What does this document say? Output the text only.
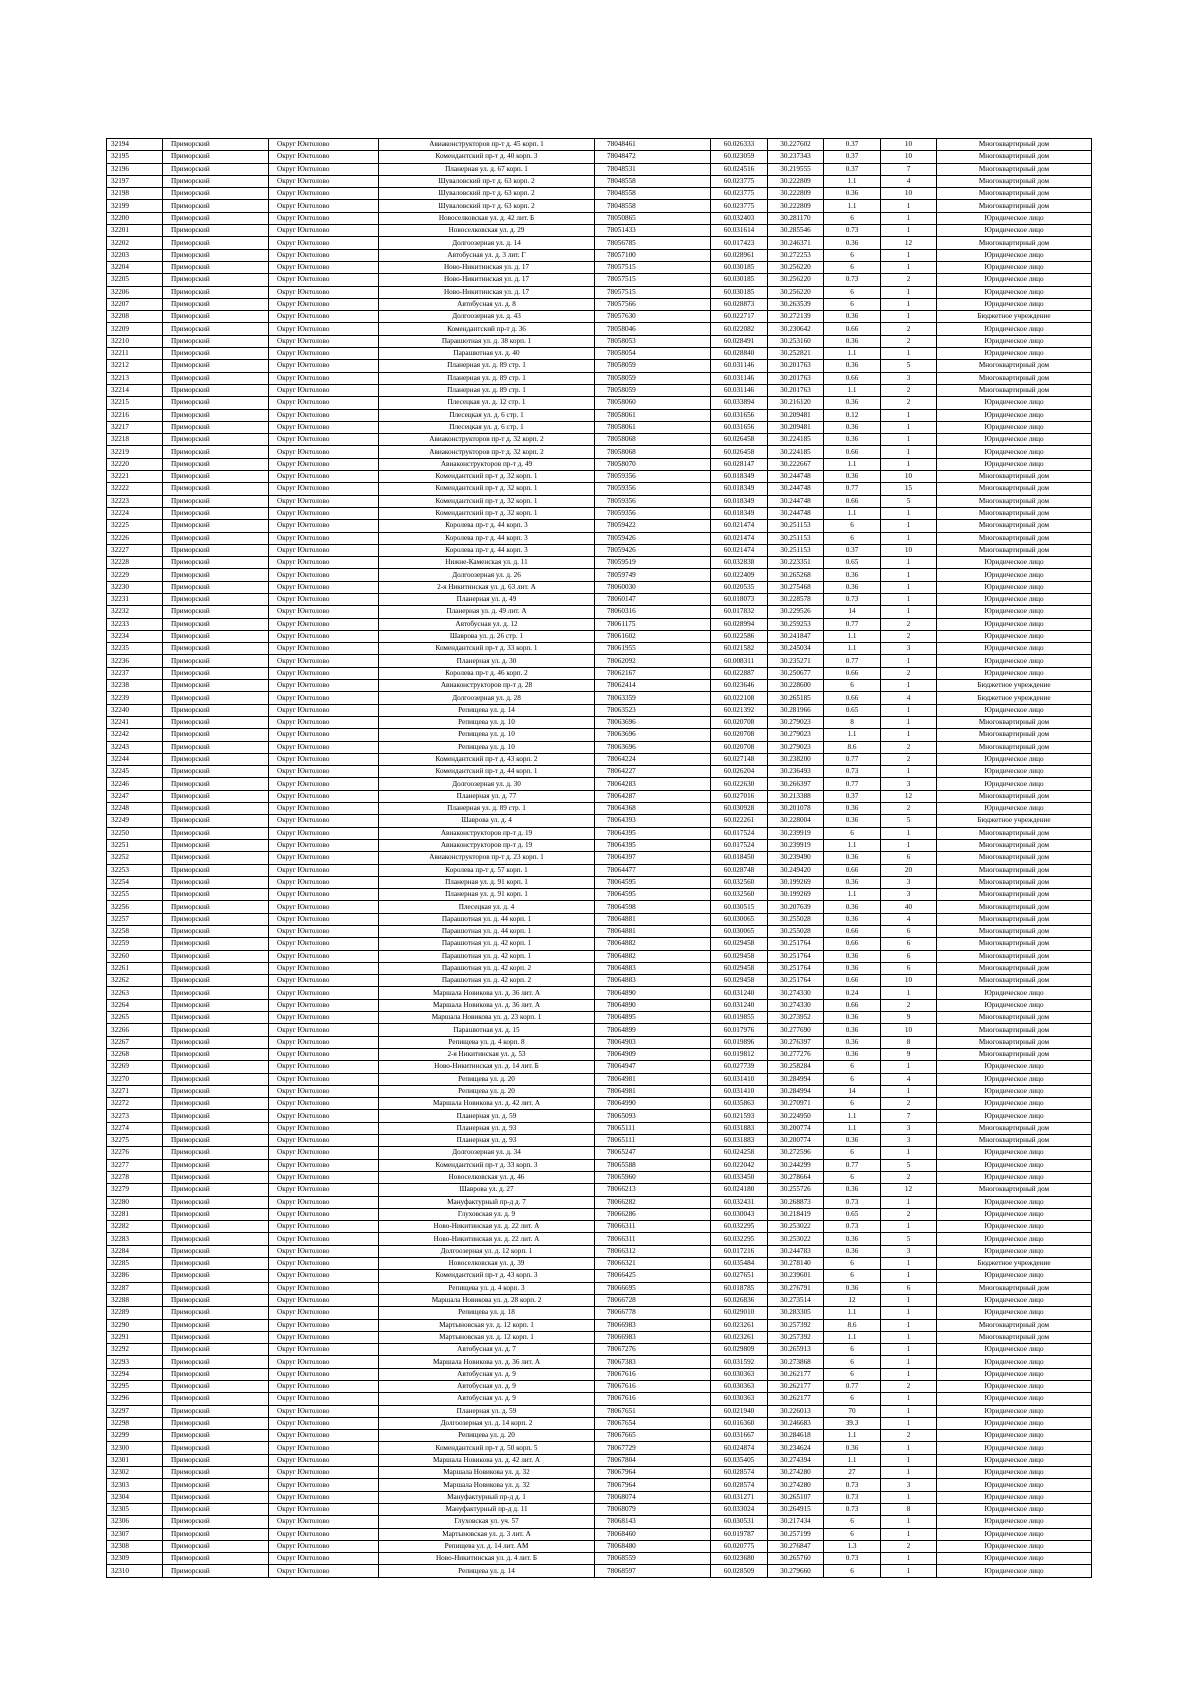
32194	Приморский	Округ Юнтолово	Авиаконструкторов пр-т д. 45 корп. 1	78048461	60.026333	30.227602	0.37	10	Многоквартирный дом
32195	Приморский	Округ Юнтолово	Комендантский пр-т д. 40 корп. 3	78048472	60.023059	30.237343	0.37	10	Многоквартирный дом
32196	Приморский	Округ Юнтолово	Планерная ул. д. 67 корп. 1	78048531	60.024516	30.219555	0.37	7	Многоквартирный дом
32197	Приморский	Округ Юнтолово	Шуваловский пр-т д. 63 корп. 2	78048558	60.023775	30.222809	1.1	4	Многоквартирный дом
32198	Приморский	Округ Юнтолово	Шуваловский пр-т д. 63 корп. 2	78048558	60.023775	30.222809	0.36	10	Многоквартирный дом
32199	Приморский	Округ Юнтолово	Шуваловский пр-т д. 63 корп. 2	78048558	60.023775	30.222809	1.1	1	Многоквартирный дом
32200	Приморский	Округ Юнтолово	Новоселковская ул. д. 42 лит. Б	78050865	60.032403	30.281170	6	1	Юридическое лицо
32201	Приморский	Округ Юнтолово	Новоселковская ул. д. 29	78051433	60.031614	30.285546	0.73	1	Юридическое лицо
32202	Приморский	Округ Юнтолово	Долгоозерная ул. д. 14	78056785	60.017423	30.246371	0.36	12	Многоквартирный дом
32203	Приморский	Округ Юнтолово	Автобусная ул. д. 3 лит. Г	78057100	60.028961	30.272253	6	1	Юридическое лицо
32204	Приморский	Округ Юнтолово	Ново-Никитинская ул. д. 17	78057515	60.030185	30.256220	6	1	Юридическое лицо
32205	Приморский	Округ Юнтолово	Ново-Никитинская ул. д. 17	78057515	60.030185	30.256220	0.73	2	Юридическое лицо
32206	Приморский	Округ Юнтолово	Ново-Никитинская ул. д. 17	78057515	60.030185	30.256220	6	1	Юридическое лицо
32207	Приморский	Округ Юнтолово	Автобусная ул. д. 8	78057566	60.028873	30.263539	6	1	Юридическое лицо
32208	Приморский	Округ Юнтолово	Долгоозерная ул. д. 43	78057630	60.022717	30.272139	0.36	1	Бюджетное учреждение
32209	Приморский	Округ Юнтолово	Комендантский пр-т д. 36	78058046	60.022082	30.230642	0.66	2	Юридическое лицо
32210	Приморский	Округ Юнтолово	Парашютная ул. д. 38 корп. 1	78058053	60.028491	30.253160	0.36	2	Юридическое лицо
32211	Приморский	Округ Юнтолово	Парашютная ул. д. 40	78058054	60.028840	30.252821	1.1	1	Юридическое лицо
32212	Приморский	Округ Юнтолово	Планерная ул. д. 89 стр. 1	78058059	60.031146	30.201763	0.36	5	Многоквартирный дом
32213	Приморский	Округ Юнтолово	Планерная ул. д. 89 стр. 1	78058059	60.031146	30.201763	0.66	3	Многоквартирный дом
32214	Приморский	Округ Юнтолово	Планерная ул. д. 89 стр. 1	78058059	60.031146	30.201763	1.1	2	Многоквартирный дом
32215	Приморский	Округ Юнтолово	Плесецкая ул. д. 12 стр. 1	78058060	60.033894	30.216120	0.36	2	Юридическое лицо
32216	Приморский	Округ Юнтолово	Плесецкая ул. д. 6 стр. 1	78058061	60.031656	30.209481	0.12	1	Юридическое лицо
32217	Приморский	Округ Юнтолово	Плесецкая ул. д. 6 стр. 1	78058061	60.031656	30.209481	0.36	1	Юридическое лицо
32218	Приморский	Округ Юнтолово	Авиаконструкторов пр-т д. 32 корп. 2	78058068	60.026458	30.224185	0.36	1	Юридическое лицо
32219	Приморский	Округ Юнтолово	Авиаконструкторов пр-т д. 32 корп. 2	78058068	60.026458	30.224185	0.66	1	Юридическое лицо
32220	Приморский	Округ Юнтолово	Авиаконструкторов пр-т д. 49	78058070	60.028147	30.222667	1.1	1	Юридическое лицо
32221	Приморский	Округ Юнтолово	Комендантский пр-т д. 32 корп. 1	78059356	60.018349	30.244748	0.36	10	Многоквартирный дом
32222	Приморский	Округ Юнтолово	Комендантский пр-т д. 32 корп. 1	78059356	60.018349	30.244748	0.77	15	Многоквартирный дом
32223	Приморский	Округ Юнтолово	Комендантский пр-т д. 32 корп. 1	78059356	60.018349	30.244748	0.66	5	Многоквартирный дом
32224	Приморский	Округ Юнтолово	Комендантский пр-т д. 32 корп. 1	78059356	60.018349	30.244748	1.1	1	Многоквартирный дом
32225	Приморский	Округ Юнтолово	Королева пр-т д. 44 корп. 3	78059422	60.021474	30.251153	6	1	Многоквартирный дом
32226	Приморский	Округ Юнтолово	Королева пр-т д. 44 корп. 3	78059426	60.021474	30.251153	6	1	Многоквартирный дом
32227	Приморский	Округ Юнтолово	Королева пр-т д. 44 корп. 3	78059426	60.021474	30.251153	0.37	10	Многоквартирный дом
32228	Приморский	Округ Юнтолово	Нижне-Каменская ул. д. 11	78059519	60.032838	30.223351	0.65	1	Юридическое лицо
32229	Приморский	Округ Юнтолово	Долгоозерная ул. д. 26	78059749	60.022409	30.265268	0.36	1	Юридическое лицо
32230	Приморский	Округ Юнтолово	2-я Никитинская ул. д. 63 лит. А	78060030	60.020535	30.275468	0.36	1	Юридическое лицо
32231	Приморский	Округ Юнтолово	Планерная ул. д. 49	78060147	60.018073	30.228578	0.73	1	Юридическое лицо
32232	Приморский	Округ Юнтолово	Планерная ул. д. 49 лит. А	78060316	60.017832	30.229526	14	1	Юридическое лицо
32233	Приморский	Округ Юнтолово	Автобусная ул. д. 12	78061175	60.028994	30.259253	0.77	2	Юридическое лицо
32234	Приморский	Округ Юнтолово	Шаврова ул. д. 26 стр. 1	78061602	60.022586	30.241847	1.1	2	Юридическое лицо
32235	Приморский	Округ Юнтолово	Комендантский пр-т д. 33 корп. 1	78061955	60.021582	30.245034	1.1	3	Юридическое лицо
32236	Приморский	Округ Юнтолово	Планерная ул. д. 30	78062092	60.008311	30.235271	0.77	1	Юридическое лицо
32237	Приморский	Округ Юнтолово	Королева пр-т д. 46 корп. 2	78062167	60.022887	30.250677	0.66	2	Юридическое лицо
32238	Приморский	Округ Юнтолово	Авиаконструкторов пр-т д. 28	78062414	60.023646	30.228600	6	1	Бюджетное учреждение
32239	Приморский	Округ Юнтолово	Долгоозерная ул. д. 28	78063359	60.022108	30.265185	0.66	4	Бюджетное учреждение
32240	Приморский	Округ Юнтолово	Репищева ул. д. 14	78063523	60.021392	30.281966	0.65	1	Юридическое лицо
32241	Приморский	Округ Юнтолово	Репищева ул. д. 10	78063696	60.020708	30.279023	8	1	Многоквартирный дом
32242	Приморский	Округ Юнтолово	Репищева ул. д. 10	78063696	60.020708	30.279023	1.1	1	Многоквартирный дом
32243	Приморский	Округ Юнтолово	Репищева ул. д. 10	78063696	60.020708	30.279023	8.6	2	Многоквартирный дом
32244	Приморский	Округ Юнтолово	Комендантский пр-т д. 43 корп. 2	78064224	60.027148	30.238200	0.77	2	Юридическое лицо
32245	Приморский	Округ Юнтолово	Комендантский пр-т д. 44 корп. 1	78064227	60.026204	30.236493	0.73	1	Юридическое лицо
32246	Приморский	Округ Юнтолово	Долгоозерная ул. д. 30	78064283	60.022630	30.266397	0.77	3	Юридическое лицо
32247	Приморский	Округ Юнтолово	Планерная ул. д. 77	78064287	60.027016	30.213388	0.37	12	Многоквартирный дом
32248	Приморский	Округ Юнтолово	Планерная ул. д. 89 стр. 1	78064368	60.030928	30.201078	0.36	2	Юридическое лицо
32249	Приморский	Округ Юнтолово	Шаврова ул. д. 4	78064393	60.022261	30.228004	0.36	5	Бюджетное учреждение
32250	Приморский	Округ Юнтолово	Авиаконструкторов пр-т д. 19	78064395	60.017524	30.239919	6	1	Многоквартирный дом
32251	Приморский	Округ Юнтолово	Авиаконструкторов пр-т д. 19	78064395	60.017524	30.239919	1.1	1	Многоквартирный дом
32252	Приморский	Округ Юнтолово	Авиаконструкторов пр-т д. 23 корп. 1	78064397	60.018450	30.239490	0.36	6	Многоквартирный дом
32253	Приморский	Округ Юнтолово	Королева пр-т д. 57 корп. 1	78064477	60.028748	30.249420	0.66	20	Многоквартирный дом
32254	Приморский	Округ Юнтолово	Планерная ул. д. 91 корп. 1	78064595	60.032560	30.199269	0.36	3	Многоквартирный дом
32255	Приморский	Округ Юнтолово	Планерная ул. д. 91 корп. 1	78064595	60.032560	30.199269	1.1	3	Многоквартирный дом
32256	Приморский	Округ Юнтолово	Плесецкая ул. д. 4	78064598	60.030515	30.207639	0.36	40	Многоквартирный дом
32257	Приморский	Округ Юнтолово	Парашютная ул. д. 44 корп. 1	78064881	60.030065	30.255028	0.36	4	Многоквартирный дом
32258	Приморский	Округ Юнтолово	Парашютная ул. д. 44 корп. 1	78064881	60.030065	30.255028	0.66	6	Многоквартирный дом
32259	Приморский	Округ Юнтолово	Парашютная ул. д. 42 корп. 1	78064882	60.029458	30.251764	0.66	6	Многоквартирный дом
32260	Приморский	Округ Юнтолово	Парашютная ул. д. 42 корп. 1	78064882	60.029458	30.251764	0.36	6	Многоквартирный дом
32261	Приморский	Округ Юнтолово	Парашютная ул. д. 42 корп. 2	78064883	60.029458	30.251764	0.36	6	Многоквартирный дом
32262	Приморский	Округ Юнтолово	Парашютная ул. д. 42 корп. 2	78064883	60.029458	30.251764	0.66	10	Многоквартирный дом
32263	Приморский	Округ Юнтолово	Маршала Новикова ул. д. 36 лит. А	78064890	60.031240	30.274330	0.24	1	Юридическое лицо
32264	Приморский	Округ Юнтолово	Маршала Новикова ул. д. 36 лит. А	78064890	60.031240	30.274330	0.66	2	Юридическое лицо
32265	Приморский	Округ Юнтолово	Маршала Новикова ул. д. 23 корп. 1	78064895	60.019855	30.273952	0.36	9	Многоквартирный дом
32266	Приморский	Округ Юнтолово	Парашютная ул. д. 15	78064899	60.017976	30.277690	0.36	10	Многоквартирный дом
32267	Приморский	Округ Юнтолово	Репищева ул. д. 4 корп. 8	78064903	60.019896	30.276397	0.36	8	Многоквартирный дом
32268	Приморский	Округ Юнтолово	2-я Никитинская ул. д. 53	78064909	60.019812	30.277276	0.36	9	Многоквартирный дом
32269	Приморский	Округ Юнтолово	Ново-Никитинская ул. д. 14 лит. Б	78064947	60.027739	30.258284	6	1	Юридическое лицо
32270	Приморский	Округ Юнтолово	Репищева ул. д. 20	78064981	60.031410	30.284994	6	4	Юридическое лицо
32271	Приморский	Округ Юнтолово	Репищева ул. д. 20	78064981	60.031410	30.284994	14	1	Юридическое лицо
32272	Приморский	Округ Юнтолово	Маршала Новикова ул. д. 42 лит. А	78064990	60.035863	30.270971	6	2	Юридическое лицо
32273	Приморский	Округ Юнтолово	Планерная ул. д. 59	78065093	60.021593	30.224950	1.1	7	Юридическое лицо
32274	Приморский	Округ Юнтолово	Планерная ул. д. 93	78065111	60.031883	30.200774	1.1	3	Многоквартирный дом
32275	Приморский	Округ Юнтолово	Планерная ул. д. 93	78065111	60.031883	30.200774	0.36	3	Многоквартирный дом
32276	Приморский	Округ Юнтолово	Долгоозерная ул. д. 34	78065247	60.024258	30.272596	6	1	Юридическое лицо
32277	Приморский	Округ Юнтолово	Комендантский пр-т д. 33 корп. 3	78065588	60.022042	30.244299	0.77	5	Юридическое лицо
32278	Приморский	Округ Юнтолово	Новоселковская ул. д. 46	78065960	60.033450	30.278664	6	2	Юридическое лицо
32279	Приморский	Округ Юнтолово	Шаврова ул. д. 27	78066213	60.024180	30.255726	0.36	12	Многоквартирный дом
32280	Приморский	Округ Юнтолово	Мануфактурный пр-д д. 7	78066282	60.032431	30.268873	0.73	1	Юридическое лицо
32281	Приморский	Округ Юнтолово	Глуховская ул. д. 9	78066286	60.030043	30.218419	0.65	2	Юридическое лицо
32282	Приморский	Округ Юнтолово	Ново-Никитинская ул. д. 22 лит. А	78066311	60.032295	30.253022	0.73	1	Юридическое лицо
32283	Приморский	Округ Юнтолово	Ново-Никитинская ул. д. 22 лит. А	78066311	60.032295	30.253022	0.36	5	Юридическое лицо
32284	Приморский	Округ Юнтолово	Долгоозерная ул. д. 12 корп. 1	78066312	60.017216	30.244783	0.36	3	Юридическое лицо
32285	Приморский	Округ Юнтолово	Новоселковская ул. д. 39	78066321	60.035484	30.278140	6	1	Бюджетное учреждение
32286	Приморский	Округ Юнтолово	Комендантский пр-т д. 43 корп. 3	78066425	60.027651	30.239601	6	1	Юридическое лицо
32287	Приморский	Округ Юнтолово	Репищева ул. д. 4 корп. 3	78066695	60.018785	30.276791	0.36	6	Многоквартирный дом
32288	Приморский	Округ Юнтолово	Маршала Новикова ул. д. 28 корп. 2	78066728	60.026836	30.273514	12	1	Юридическое лицо
32289	Приморский	Округ Юнтолово	Репищева ул. д. 18	78066778	60.029010	30.283305	1.1	1	Юридическое лицо
32290	Приморский	Округ Юнтолово	Мартыновская ул. д. 12 корп. 1	78066983	60.023261	30.257392	8.6	1	Многоквартирный дом
32291	Приморский	Округ Юнтолово	Мартыновская ул. д. 12 корп. 1	78066983	60.023261	30.257392	1.1	1	Многоквартирный дом
32292	Приморский	Округ Юнтолово	Автобусная ул. д. 7	78067276	60.029809	30.265913	6	1	Юридическое лицо
32293	Приморский	Округ Юнтолово	Маршала Новикова ул. д. 36 лит. А	78067383	60.031592	30.273868	6	1	Юридическое лицо
32294	Приморский	Округ Юнтолово	Автобусная ул. д. 9	78067616	60.030363	30.262177	6	1	Юридическое лицо
32295	Приморский	Округ Юнтолово	Автобусная ул. д. 9	78067616	60.030363	30.262177	0.77	2	Юридическое лицо
32296	Приморский	Округ Юнтолово	Автобусная ул. д. 9	78067616	60.030363	30.262177	6	1	Юридическое лицо
32297	Приморский	Округ Юнтолово	Планерная ул. д. 59	78067651	60.021940	30.226013	70	1	Юридическое лицо
32298	Приморский	Округ Юнтолово	Долгоозерная ул. д. 14 корп. 2	78067654	60.016360	30.246683	39.3	1	Юридическое лицо
32299	Приморский	Округ Юнтолово	Репищева ул. д. 20	78067665	60.031667	30.284618	1.1	2	Юридическое лицо
32300	Приморский	Округ Юнтолово	Комендантский пр-т д. 50 корп. 5	78067729	60.024874	30.234624	0.36	1	Юридическое лицо
32301	Приморский	Округ Юнтолово	Маршала Новикова ул. д. 42 лит. А	78067804	60.035405	30.274394	1.1	1	Юридическое лицо
32302	Приморский	Округ Юнтолово	Маршала Новикова ул. д. 32	78067964	60.028574	30.274280	27	1	Юридическое лицо
32303	Приморский	Округ Юнтолово	Маршала Новикова ул. д. 32	78067964	60.028574	30.274280	0.73	3	Юридическое лицо
32304	Приморский	Округ Юнтолово	Мануфактурный пр-д д. 1	78068074	60.031271	30.265107	0.73	1	Юридическое лицо
32305	Приморский	Округ Юнтолово	Мануфактурный пр-д д. 11	78068079	60.033024	30.264915	0.73	8	Юридическое лицо
32306	Приморский	Округ Юнтолово	Глуховская ул. уч. 57	78068143	60.030531	30.217434	6	1	Юридическое лицо
32307	Приморский	Округ Юнтолово	Мартыновская ул. д. 3 лит. А	78068460	60.019787	30.257199	6	1	Юридическое лицо
32308	Приморский	Округ Юнтолово	Репищева ул. д. 14 лит. АМ	78068480	60.020775	30.276847	1.3	2	Юридическое лицо
32309	Приморский	Округ Юнтолово	Ново-Никитинская ул. д. 4 лит. Б	78068559	60.023680	30.265760	0.73	1	Юридическое лицо
32310	Приморский	Округ Юнтолово	Репищева ул. д. 14	78068597	60.028509	30.279660	6	1	Юридическое лицо
